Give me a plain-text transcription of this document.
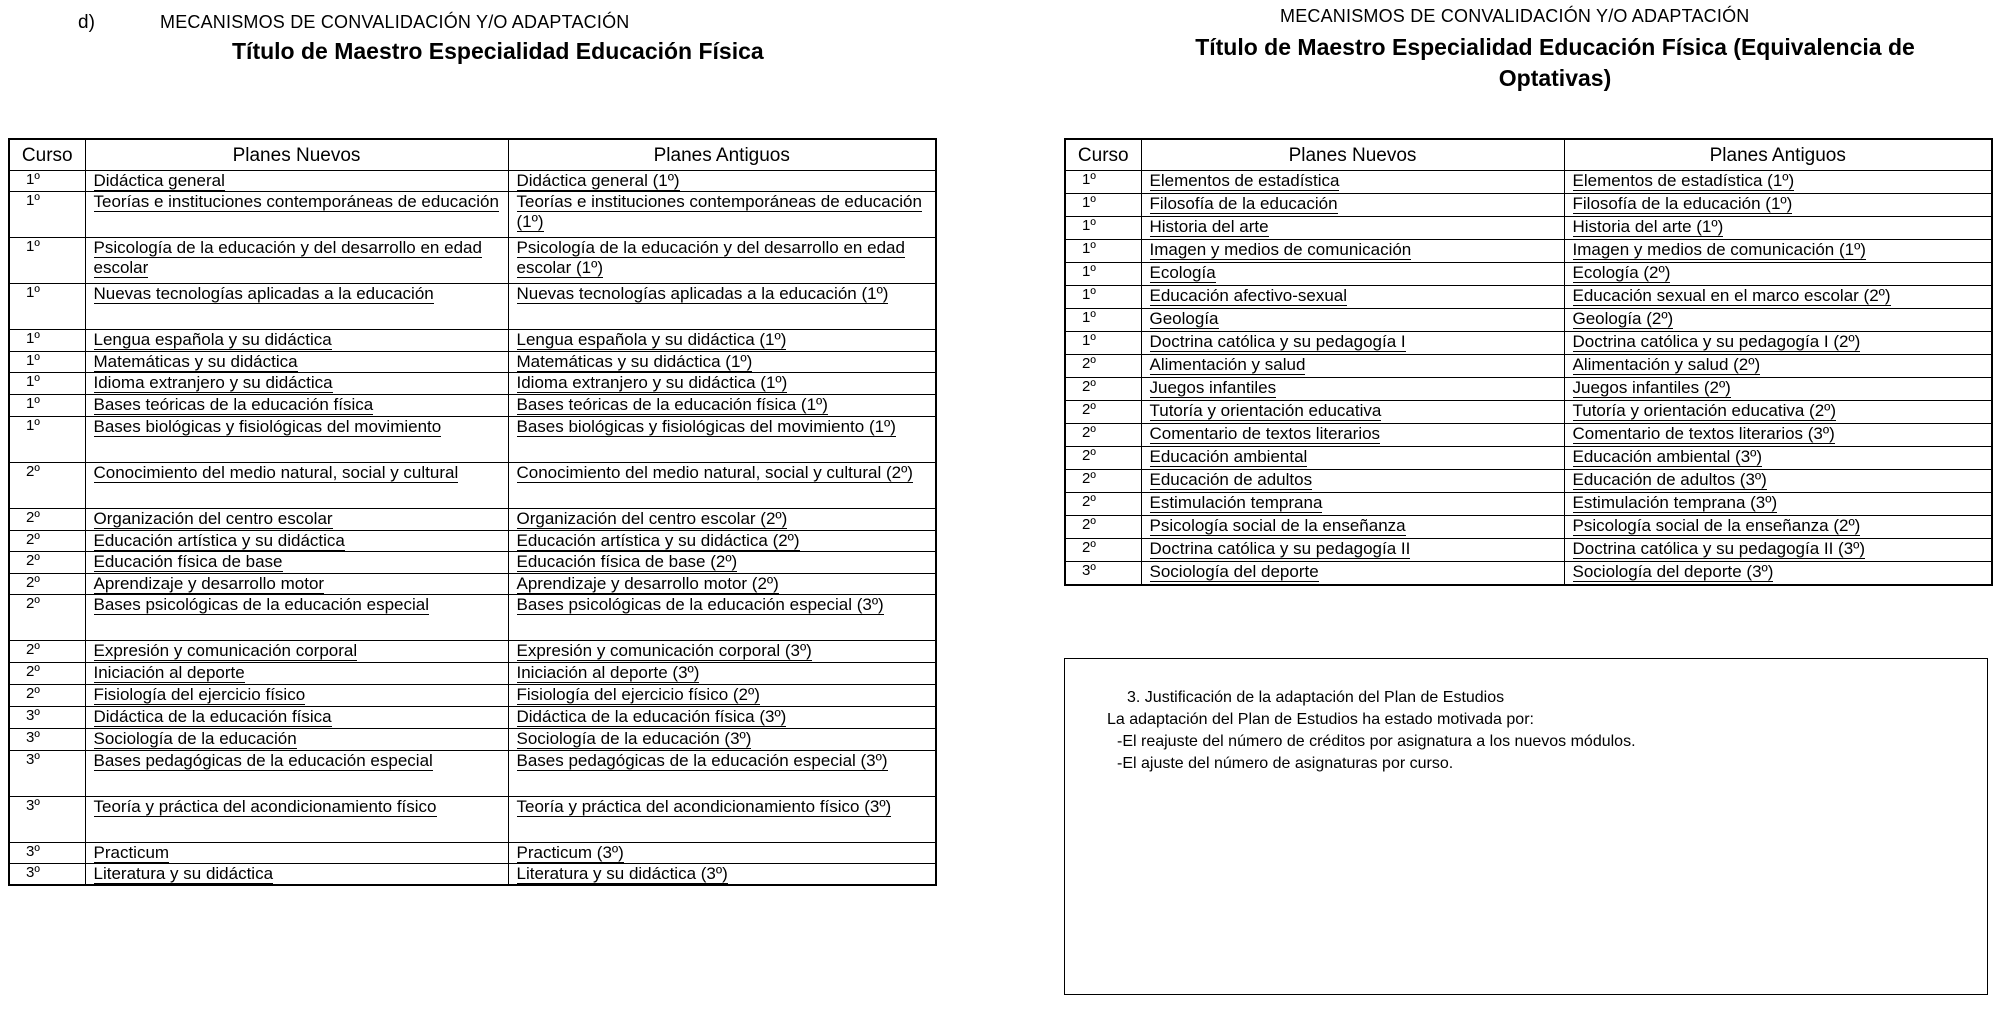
d)	MECANISMOS DE CONVALIDACIÓN Y/O ADAPTACIÓN
Título de Maestro Especialidad Educación Física
MECANISMOS DE CONVALIDACIÓN Y/O ADAPTACIÓN
Título de Maestro Especialidad Educación Física (Equivalencia de Optativas)
Curso	Planes Nuevos	Planes Antiguos
1º	Didáctica general	Didáctica general (1º)
1º	Teorías e instituciones contemporáneas de educación	Teorías e instituciones contemporáneas de educación (1º)
1º	Psicología de la educación y del desarrollo en edad escolar	Psicología de la educación y del desarrollo en edad escolar (1º)
1º	Nuevas tecnologías aplicadas a la educación	Nuevas tecnologías aplicadas a la educación (1º)
1º	Lengua española y su didáctica	Lengua española y su didáctica (1º)
1º	Matemáticas y su didáctica	Matemáticas y su didáctica (1º)
1º	Idioma extranjero y su didáctica	Idioma extranjero y su didáctica (1º)
1º	Bases teóricas de la educación física	Bases teóricas de la educación física (1º)
1º	Bases biológicas y fisiológicas del movimiento	Bases biológicas y fisiológicas del movimiento (1º)
2º	Conocimiento del medio natural, social y cultural	Conocimiento del medio natural, social y cultural (2º)
2º	Organización del centro escolar	Organización del centro escolar (2º)
2º	Educación artística y su didáctica	Educación artística y su didáctica (2º)
2º	Educación física de base	Educación física de base (2º)
2º	Aprendizaje y desarrollo motor	Aprendizaje y desarrollo motor (2º)
2º	Bases psicológicas de la educación especial	Bases psicológicas de la educación especial (3º)
2º	Expresión y comunicación corporal	Expresión y comunicación corporal (3º)
2º	Iniciación al deporte	Iniciación al deporte (3º)
2º	Fisiología del ejercicio físico	Fisiología del ejercicio físico (2º)
3º	Didáctica de la educación física	Didáctica de la educación física (3º)
3º	Sociología de la educación	Sociología de la educación (3º)
3º	Bases pedagógicas de la educación especial	Bases pedagógicas de la educación especial (3º)
3º	Teoría y práctica del acondicionamiento físico	Teoría y práctica del acondicionamiento físico (3º)
3º	Practicum	Practicum (3º)
3º	Literatura y su didáctica	Literatura y su didáctica (3º)
Curso	Planes Nuevos	Planes Antiguos
1º	Elementos de estadística	Elementos de estadística (1º)
1º	Filosofía de la educación	Filosofía de la educación (1º)
1º	Historia del arte	Historia del arte (1º)
1º	Imagen y medios de comunicación	Imagen y medios de comunicación (1º)
1º	Ecología	Ecología (2º)
1º	Educación afectivo-sexual	Educación sexual en el marco escolar (2º)
1º	Geología	Geología (2º)
1º	Doctrina católica y su pedagogía I	Doctrina católica y su pedagogía I (2º)
2º	Alimentación y salud	Alimentación y salud (2º)
2º	Juegos infantiles	Juegos infantiles (2º)
2º	Tutoría y orientación educativa	Tutoría y orientación educativa (2º)
2º	Comentario de textos literarios	Comentario de textos literarios (3º)
2º	Educación ambiental	Educación ambiental (3º)
2º	Educación de adultos	Educación de adultos (3º)
2º	Estimulación temprana	Estimulación temprana (3º)
2º	Psicología social de la enseñanza	Psicología social de la enseñanza (2º)
2º	Doctrina católica y su pedagogía II	Doctrina católica y su pedagogía II (3º)
3º	Sociología del deporte	Sociología del deporte (3º)
3. Justificación de la adaptación del Plan de Estudios
La adaptación del Plan de Estudios ha estado motivada por:
-El reajuste del número de créditos por asignatura a los nuevos módulos.
-El ajuste del número de asignaturas por curso.
